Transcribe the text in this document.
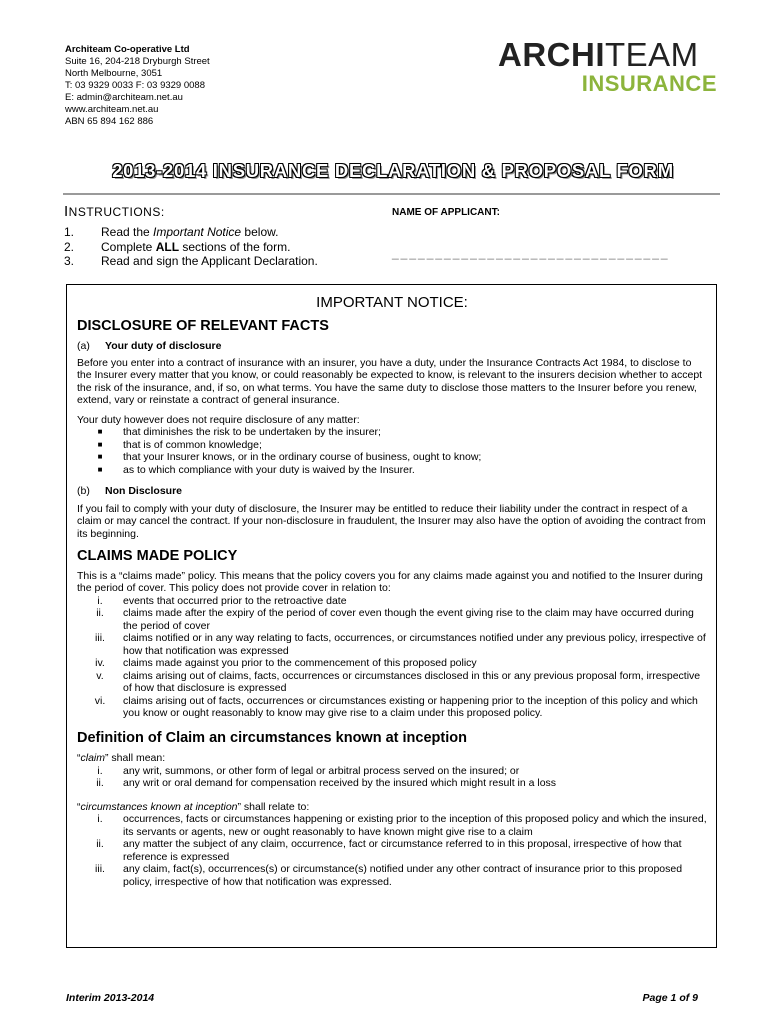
Architeam Co-operative Ltd
Suite 16, 204-218 Dryburgh Street
North Melbourne, 3051
T: 03 9329 0033 F: 03 9329 0088
E: admin@architeam.net.au
www.architeam.net.au
ABN 65 894 162 886
ARCHITEAM
INSURANCE
2013-2014 INSURANCE DECLARATION & PROPOSAL FORM
INSTRUCTIONS:
1.	Read the Important Notice below.
2.	Complete ALL sections of the form.
3.	Read and sign the Applicant Declaration.
NAME OF APPLICANT:
________________________________
IMPORTANT NOTICE:
DISCLOSURE OF RELEVANT FACTS
(a)	Your duty of disclosure

Before you enter into a contract of insurance with an insurer, you have a duty, under the Insurance Contracts Act 1984, to disclose to the Insurer every matter that you know, or could reasonably be expected to know, is relevant to the insurers decision whether to accept the risk of the insurance, and, if so, on what terms. You have the same duty to disclose those matters to the Insurer before you renew, extend, vary or reinstate a contract of general insurance.

Your duty however does not require disclosure of any matter:

■	that diminishes the risk to be undertaken by the insurer;
■	that is of common knowledge;
■	that your Insurer knows, or in the ordinary course of business, ought to know;
■	as to which compliance with your duty is waived by the Insurer.
(b)	Non Disclosure

If you fail to comply with your duty of disclosure, the Insurer may be entitled to reduce their liability under the contract in respect of a claim or may cancel the contract. If your non-disclosure in fraudulent, the Insurer may also have the option of avoiding the contract from its beginning.

CLAIMS MADE POLICY

This is a “claims made” policy. This means that the policy covers you for any claims made against you and notified to the Insurer during the period of cover. This policy does not provide cover in relation to:

i.	events that occurred prior to the retroactive date
ii.	claims made after the expiry of the period of cover even though the event giving rise to the claim may have occurred during the period of cover
iii.	claims notified or in any way relating to facts, occurrences, or circumstances notified under any previous policy, irrespective of how that notification was expressed
iv.	claims made against you prior to the commencement of this proposed policy
v.	claims arising out of claims, facts, occurrences or circumstances disclosed in this or any previous proposal form, irrespective of how that disclosure is expressed
vi.	claims arising out of facts, occurrences or circumstances existing or happening prior to the inception of this policy and which you know or ought reasonably to know may give rise to a claim under this proposed policy.
Definition of Claim an circumstances known at inception

“claim” shall mean:

i.	any writ, summons, or other form of legal or arbitral process served on the insured; or
ii.	any writ or oral demand for compensation received by the insured which might result in a loss

“circumstances known at inception” shall relate to:

i.	occurrences, facts or circumstances happening or existing prior to the inception of this proposed policy and which the insured, its servants or agents, new or ought reasonably to have known might give rise to a claim
ii.	any matter the subject of any claim, occurrence, fact or circumstance referred to in this proposal, irrespective of how that reference is expressed
iii.	any claim, fact(s), occurrences(s) or circumstance(s) notified under any other contract of insurance prior to this proposed policy, irrespective of how that notification was expressed.
Interim 2013-2014	Page 1 of 9
